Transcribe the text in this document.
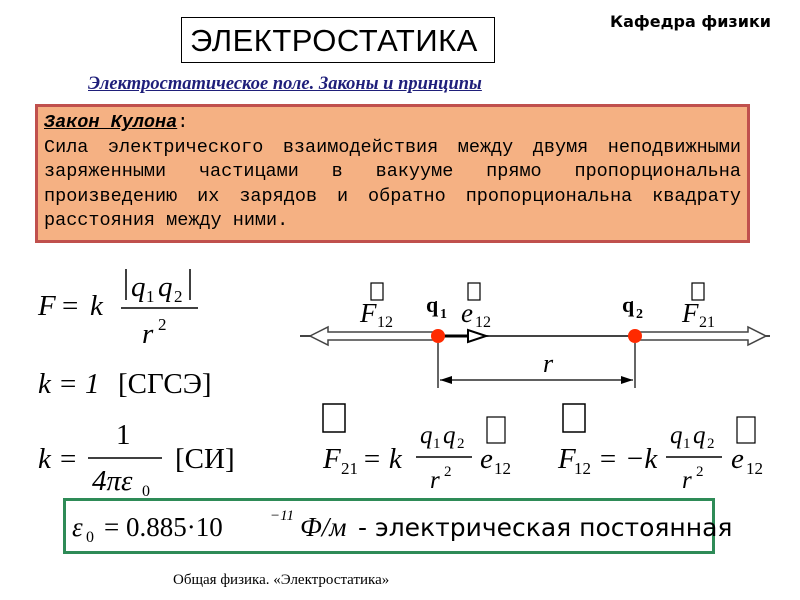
ЭЛЕКТРОСТАТИКА
Кафедра физики
Электростатическое поле. Законы и принципы
Закон Кулона:
Сила электрического взаимодействия между двумя неподвижными заряженными частицами в вакууме прямо пропорциональна произведению их зарядов и обратно пропорциональна квадрату расстояния между ними.
F = k
q 1 q 2
r 2
k = 1 [СГСЭ]
k =
1
4πε 0
[СИ]	F 21 = k
q 1 q 2
r 2 e 12 F
12 = −k
q 1 q 2
r 2 e 12
ε 0 = 0.885·10	−11 Ф/м - электрическая постоянная
r
F 12
q 1 e 12
q 2 F 21
Общая физика. «Электростатика»
